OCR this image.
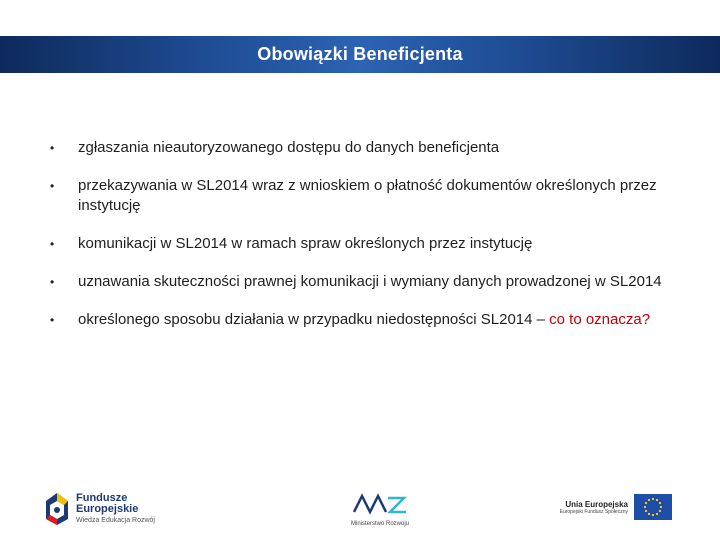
Obowiązki Beneficjenta
• zgłaszania nieautoryzowanego dostępu do danych beneficjenta
• przekazywania w SL2014 wraz z wnioskiem o płatność dokumentów określonych przez instytucję
• komunikacji w SL2014 w ramach spraw określonych przez instytucję
• uznawania skuteczności prawnej komunikacji i wymiany danych prowadzonej w SL2014
• określonego sposobu działania w przypadku niedostępności SL2014 – co to oznacza?
Fundusze
Europejskie
Wiedza Edukacja Rozwój
Ministerstwo Rozwoju
Unia Europejska
Europejski Fundusz Społeczny
